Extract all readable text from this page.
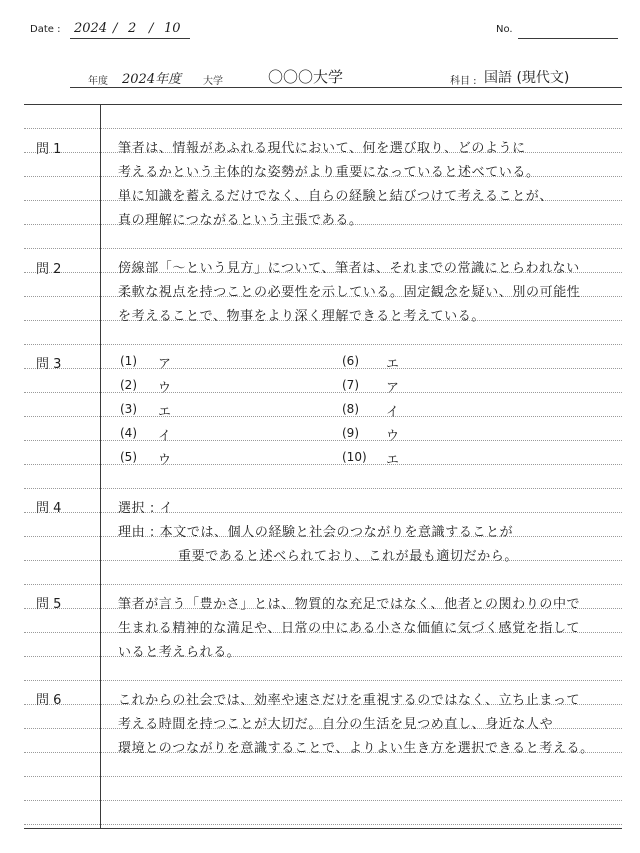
Date : 2024 / 2 / 10	No.
年度 2024年度 大学	〇〇〇大学	科目 : 国語 (現代文)
問 1	筆者は、情報があふれる現代において、何を選び取り、どのように
考えるかという主体的な姿勢がより重要になっていると述べている。
単に知識を蓄えるだけでなく、自らの経験と結びつけて考えることが、
真の理解につながるという主張である。
問 2	傍線部「〜という見方」について、筆者は、それまでの常識にとらわれない
柔軟な視点を持つことの必要性を示している。固定観念を疑い、別の可能性
を考えることで、物事をより深く理解できると考えている。
問 3	(1) ア
(2) ウ
(3) エ
(4) イ
(5) ウ
(6) エ
(7) ア
(8) イ
(9) ウ
(10) エ
問 4	選択 : イ
理由 : 本文では、個人の経験と社会のつながりを意識することが
重要であると述べられており、これが最も適切だから。
問 5	筆者が言う「豊かさ」とは、物質的な充足ではなく、他者との関わりの中で
生まれる精神的な満足や、日常の中にある小さな価値に気づく感覚を指して
いると考えられる。
問 6	これからの社会では、効率や速さだけを重視するのではなく、立ち止まって
考える時間を持つことが大切だ。自分の生活を見つめ直し、身近な人や
環境とのつながりを意識することで、よりよい生き方を選択できると考える。
